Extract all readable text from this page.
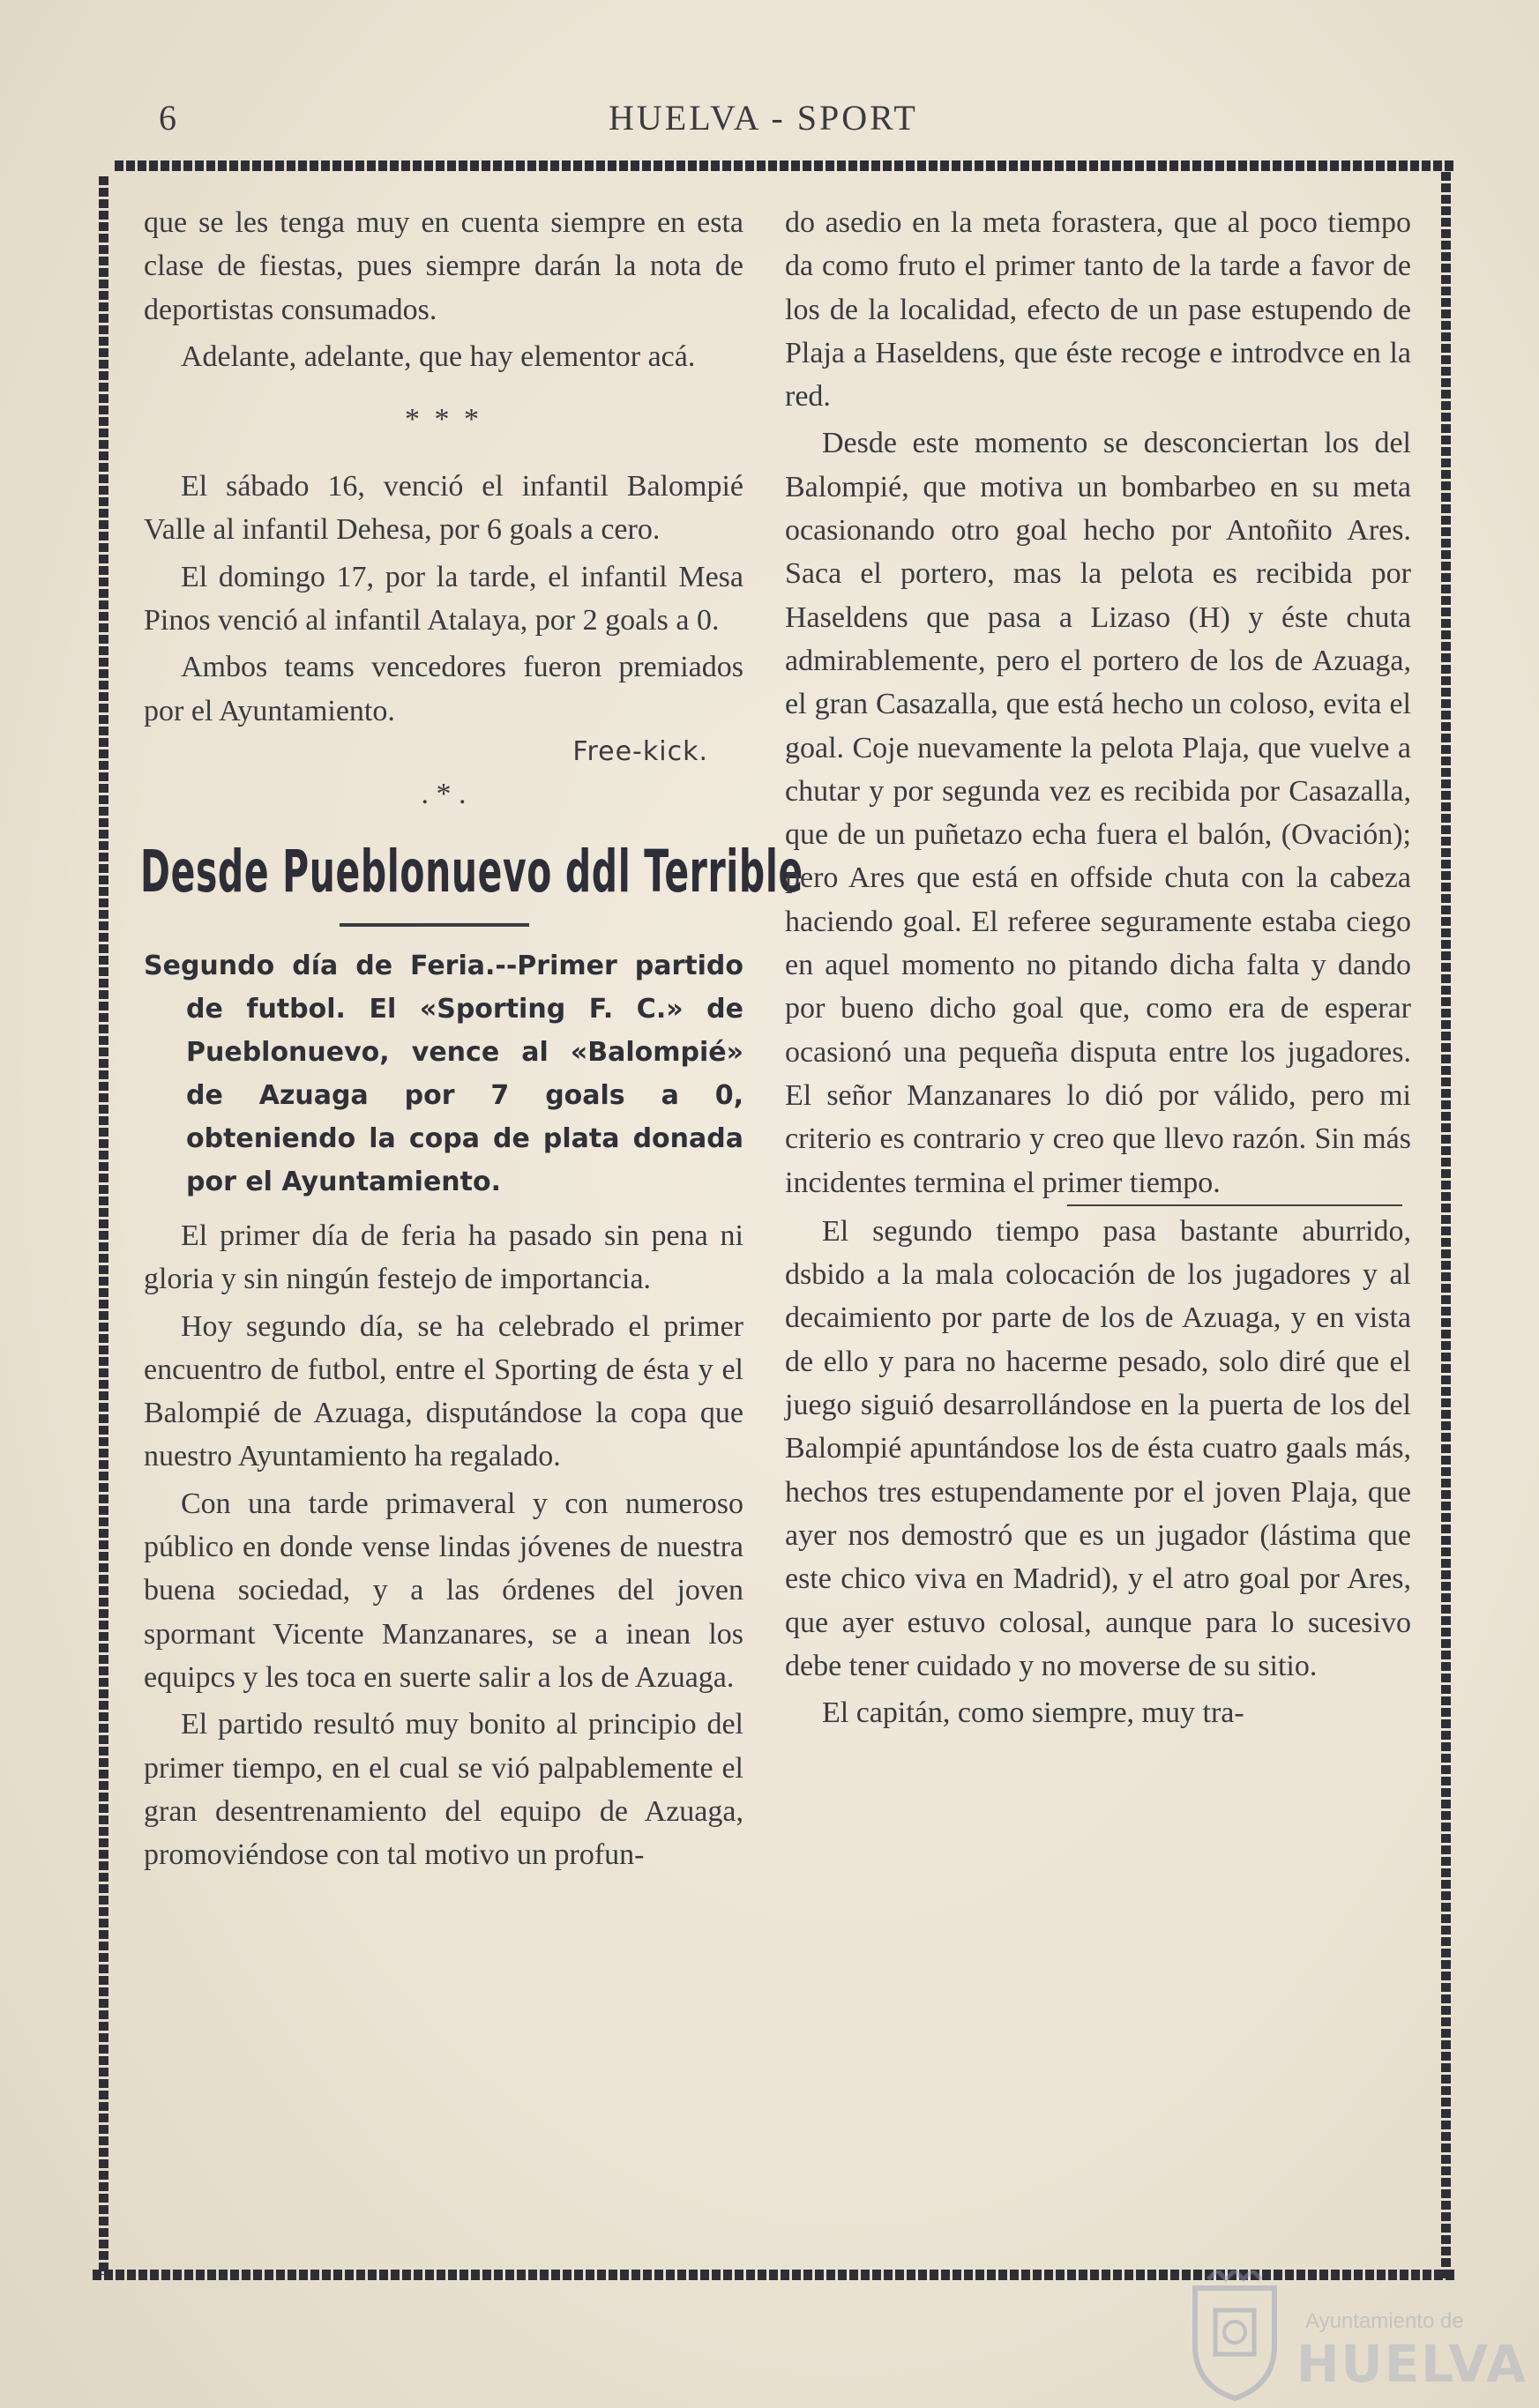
6	HUELVA - SPORT

que se les tenga muy en cuenta siempre en esta clase de fiestas, pues siempre darán la nota de deportistas consumados.

Adelante, adelante, que hay elementor acá.

* * *

El sábado 16, venció el infantil Balompié Valle al infantil Dehesa, por 6 goals a cero.

El domingo 17, por la tarde, el infantil Mesa Pinos venció al infantil Atalaya, por 2 goals a 0.

Ambos teams vencedores fueron premiados por el Ayuntamiento.

Free-kick.
. * .
Desde Pueblonuevo ddl Terrible

Segundo día de Feria.--Primer partido de futbol. El «Sporting F. C.» de Pueblonuevo, vence al «Balompié» de Azuaga por 7 goals a 0, obteniendo la copa de plata donada por el Ayuntamiento.

El primer día de feria ha pasado sin pena ni gloria y sin ningún festejo de importancia.

Hoy segundo día, se ha celebrado el primer encuentro de futbol, entre el Sporting de ésta y el Balompié de Azuaga, disputándose la copa que nuestro Ayuntamiento ha regalado.

Con una tarde primaveral y con numeroso público en donde vense lindas jóvenes de nuestra buena sociedad, y a las órdenes del joven spormant Vicente Manzanares, se a inean los equipcs y les toca en suerte salir a los de Azuaga.

El partido resultó muy bonito al principio del primer tiempo, en el cual se vió palpablemente el gran desentrenamiento del equipo de Azuaga, promoviéndose con tal motivo un profun-

do asedio en la meta forastera, que al poco tiempo da como fruto el primer tanto de la tarde a favor de los de la localidad, efecto de un pase estupendo de Plaja a Haseldens, que éste recoge e introdvce en la red.

Desde este momento se desconciertan los del Balompié, que motiva un bombarbeo en su meta ocasionando otro goal hecho por Antoñito Ares. Saca el portero, mas la pelota es recibida por Haseldens que pasa a Lizaso (H) y éste chuta admirablemente, pero el portero de los de Azuaga, el gran Casazalla, que está hecho un coloso, evita el goal. Coje nuevamente la pelota Plaja, que vuelve a chutar y por segunda vez es recibida por Casazalla, que de un puñetazo echa fuera el balón, (Ovación); pero Ares que está en offside chuta con la cabeza haciendo goal. El referee seguramente estaba ciego en aquel momento no pitando dicha falta y dando por bueno dicho goal que, como era de esperar ocasionó una pequeña disputa entre los jugadores. El señor Manzanares lo dió por válido, pero mi criterio es contrario y creo que llevo razón. Sin más incidentes termina el primer tiempo.

El segundo tiempo pasa bastante aburrido, dsbido a la mala colocación de los jugadores y al decaimiento por parte de los de Azuaga, y en vista de ello y para no hacerme pesado, solo diré que el juego siguió desarrollándose en la puerta de los del Balompié apuntándose los de ésta cuatro gaals más, hechos tres estupendamente por el joven Plaja, que ayer nos demostró que es un jugador (lástima que este chico viva en Madrid), y el atro goal por Ares, que ayer estuvo colosal, aunque para lo sucesivo debe tener cuidado y no moverse de su sitio.

El capitán, como siempre, muy tra-

Ayuntamiento de
HUELVA
